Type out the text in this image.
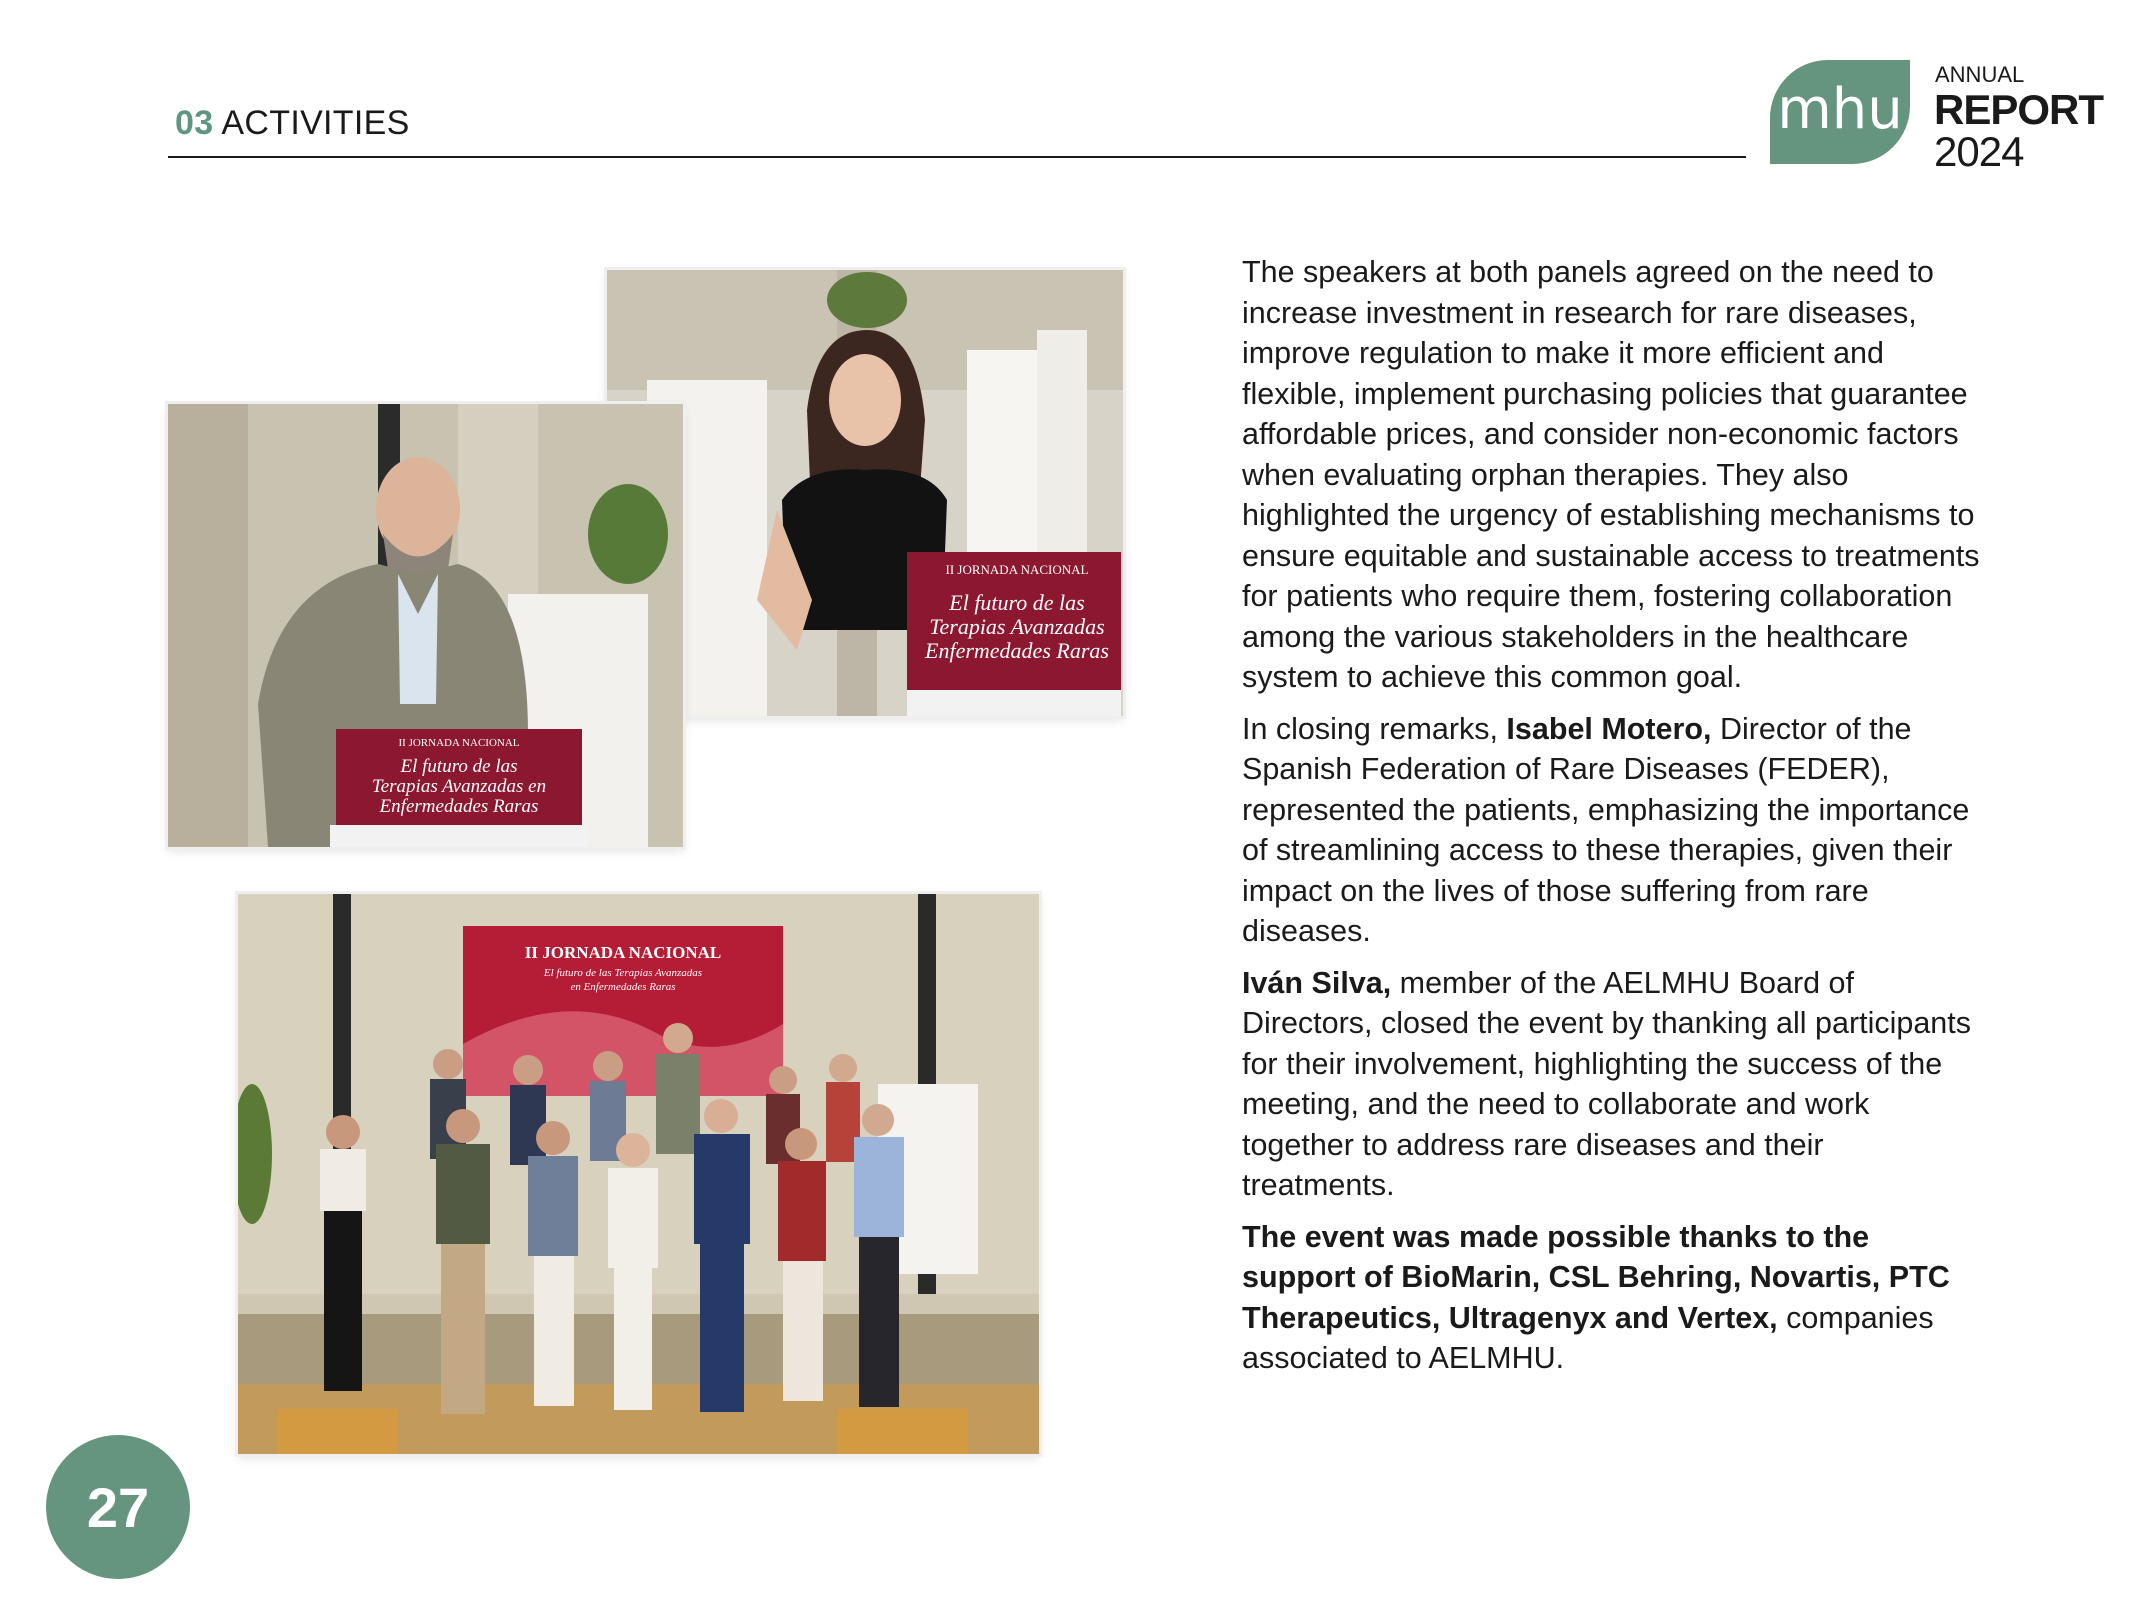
03 ACTIVITIES	mhu
ANNUAL
REPORT
2024
II JORNADA NACIONAL
El futuro de las
Terapias Avanzadas
Enfermedades Raras
II JORNADA NACIONAL
El futuro de las
Terapias Avanzadas en
Enfermedades Raras
II JORNADA NACIONAL
El futuro de las Terapias Avanzadas
en Enfermedades Raras

The speakers at both panels agreed on the need to increase investment in research for rare diseases, improve regulation to make it more efficient and flexible, implement purchasing policies that guarantee affordable prices, and consider non-economic factors when evaluating orphan therapies. They also highlighted the urgency of establishing mechanisms to ensure equitable and sustainable access to treatments for patients who require them, fostering collaboration among the various stakeholders in the healthcare system to achieve this common goal.

In closing remarks, Isabel Motero, Director of the Spanish Federation of Rare Diseases (FEDER), represented the patients, emphasizing the importance of streamlining access to these therapies, given their impact on the lives of those suffering from rare diseases.

Iván Silva, member of the AELMHU Board of Directors, closed the event by thanking all participants for their involvement, highlighting the success of the meeting, and the need to collaborate and work together to address rare diseases and their treatments.

The event was made possible thanks to the support of BioMarin, CSL Behring, Novartis, PTC Therapeutics, Ultragenyx and Vertex, companies associated to AELMHU.

27
